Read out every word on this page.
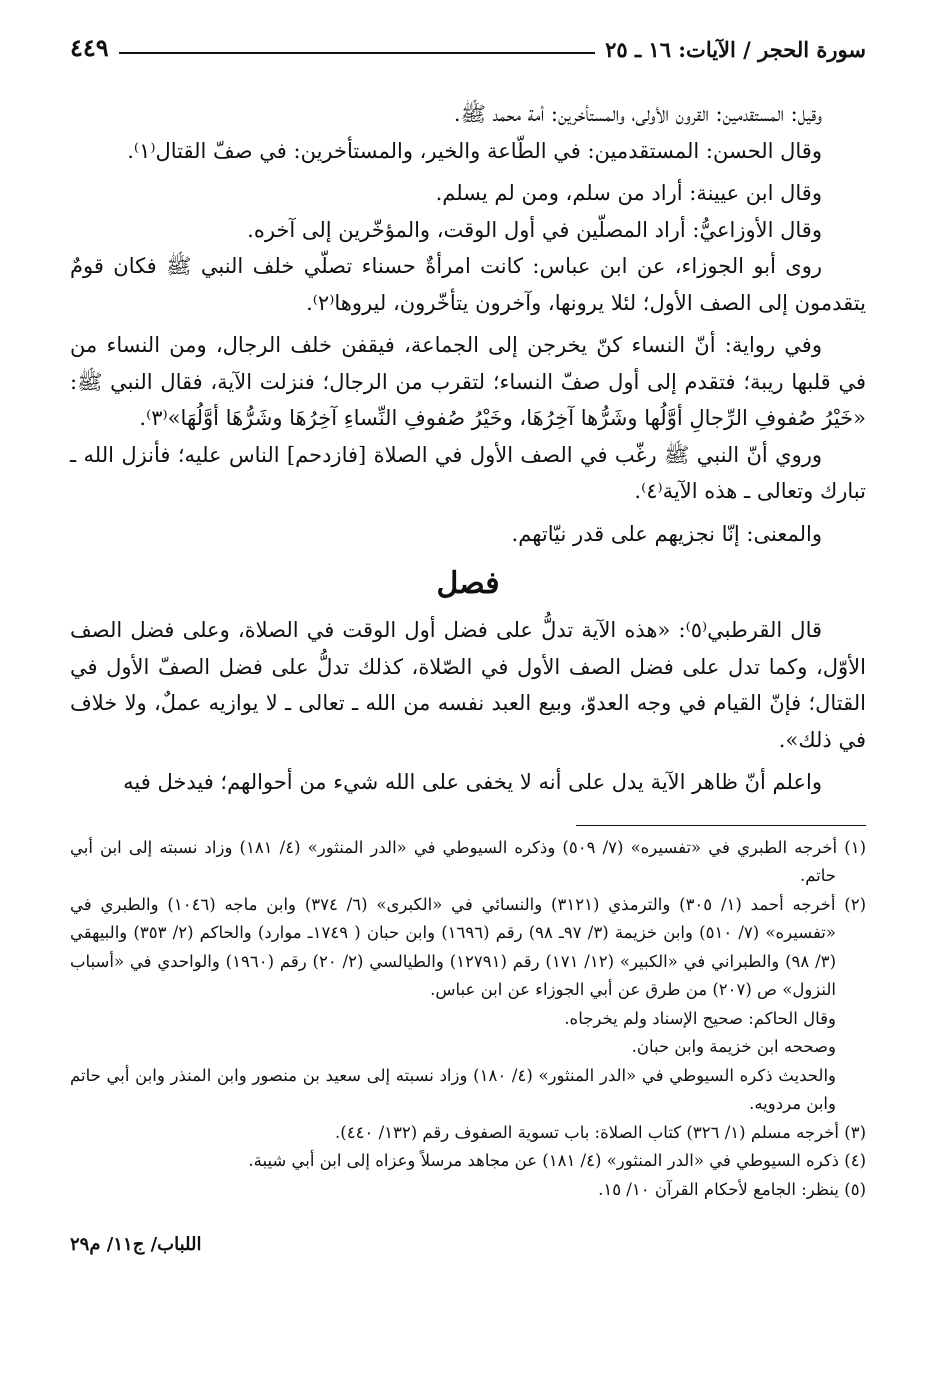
سورة الحجر / الآيات: ١٦ ـ ٢٥
٤٤٩

وقيل: المستقدمين: القرون الأولى، والمستأخرين: أمة محمد ﷺ.

وقال الحسن: المستقدمين: في الطّاعة والخير، والمستأخرين: في صفّ القتال⁽١⁾.

وقال ابن عيينة: أراد من سلم، ومن لم يسلم.

وقال الأوزاعيُّ: أراد المصلّين في أول الوقت، والمؤخّرين إلى آخره.

روى أبو الجوزاء، عن ابن عباس: كانت امرأةٌ حسناء تصلّي خلف النبي ﷺ فكان قومٌ يتقدمون إلى الصف الأول؛ لئلا يرونها، وآخرون يتأخّرون، ليروها⁽٢⁾.

وفي رواية: أنّ النساء كنّ يخرجن إلى الجماعة، فيقفن خلف الرجال، ومن النساء من في قلبها ريبة؛ فتقدم إلى أول صفّ النساء؛ لتقرب من الرجال؛ فنزلت الآية، فقال النبي ﷺ: «خَيْرُ صُفوفِ الرِّجالِ أوَّلُها وشَرُّها آخِرُهَا، وخَيْرُ صُفوفِ النِّساءِ آخِرُهَا وشَرُّهَا أوَّلُهَا»⁽٣⁾.

وروي أنّ النبي ﷺ رغّب في الصف الأول في الصلاة [فازدحم] الناس عليه؛ فأنزل الله ـ تبارك وتعالى ـ هذه الآية⁽٤⁾.

والمعنى: إنّا نجزيهم على قدر نيّاتهم.

فصل

قال القرطبي⁽٥⁾: «هذه الآية تدلُّ على فضل أول الوقت في الصلاة، وعلى فضل الصف الأوّل، وكما تدل على فضل الصف الأول في الصّلاة، كذلك تدلُّ على فضل الصفّ الأول في القتال؛ فإنّ القيام في وجه العدوّ، وبيع العبد نفسه من الله ـ تعالى ـ لا يوازيه عملٌ، ولا خلاف في ذلك».

واعلم أنّ ظاهر الآية يدل على أنه لا يخفى على الله شيء من أحوالهم؛ فيدخل فيه

(١) أخرجه الطبري في «تفسيره» (٧/ ٥٠٩) وذكره السيوطي في «الدر المنثور» (٤/ ١٨١) وزاد نسبته إلى ابن أبي حاتم.

(٢) أخرجه أحمد (١/ ٣٠٥) والترمذي (٣١٢١) والنسائي في «الكبرى» (٦/ ٣٧٤) وابن ماجه (١٠٤٦) والطبري في «تفسيره» (٧/ ٥١٠) وابن خزيمة (٣/ ٩٧ـ ٩٨) رقم (١٦٩٦) وابن حبان ( ١٧٤٩ـ موارد) والحاكم (٢/ ٣٥٣) والبيهقي (٣/ ٩٨) والطبراني في «الكبير» (١٢/ ١٧١) رقم (١٢٧٩١) والطيالسي (٢/ ٢٠) رقم (١٩٦٠) والواحدي في «أسباب النزول» ص (٢٠٧) من طرق عن أبي الجوزاء عن ابن عباس.

وقال الحاكم: صحيح الإسناد ولم يخرجاه.

وصححه ابن خزيمة وابن حبان.

والحديث ذكره السيوطي في «الدر المنثور» (٤/ ١٨٠) وزاد نسبته إلى سعيد بن منصور وابن المنذر وابن أبي حاتم وابن مردويه.

(٣) أخرجه مسلم (١/ ٣٢٦) كتاب الصلاة: باب تسوية الصفوف رقم (١٣٢/ ٤٤٠).

(٤) ذكره السيوطي في «الدر المنثور» (٤/ ١٨١) عن مجاهد مرسلاً وعزاه إلى ابن أبي شيبة.

(٥) ينظر: الجامع لأحكام القرآن ١٠/ ١٥.

اللباب/ ج١١/ م٢٩
